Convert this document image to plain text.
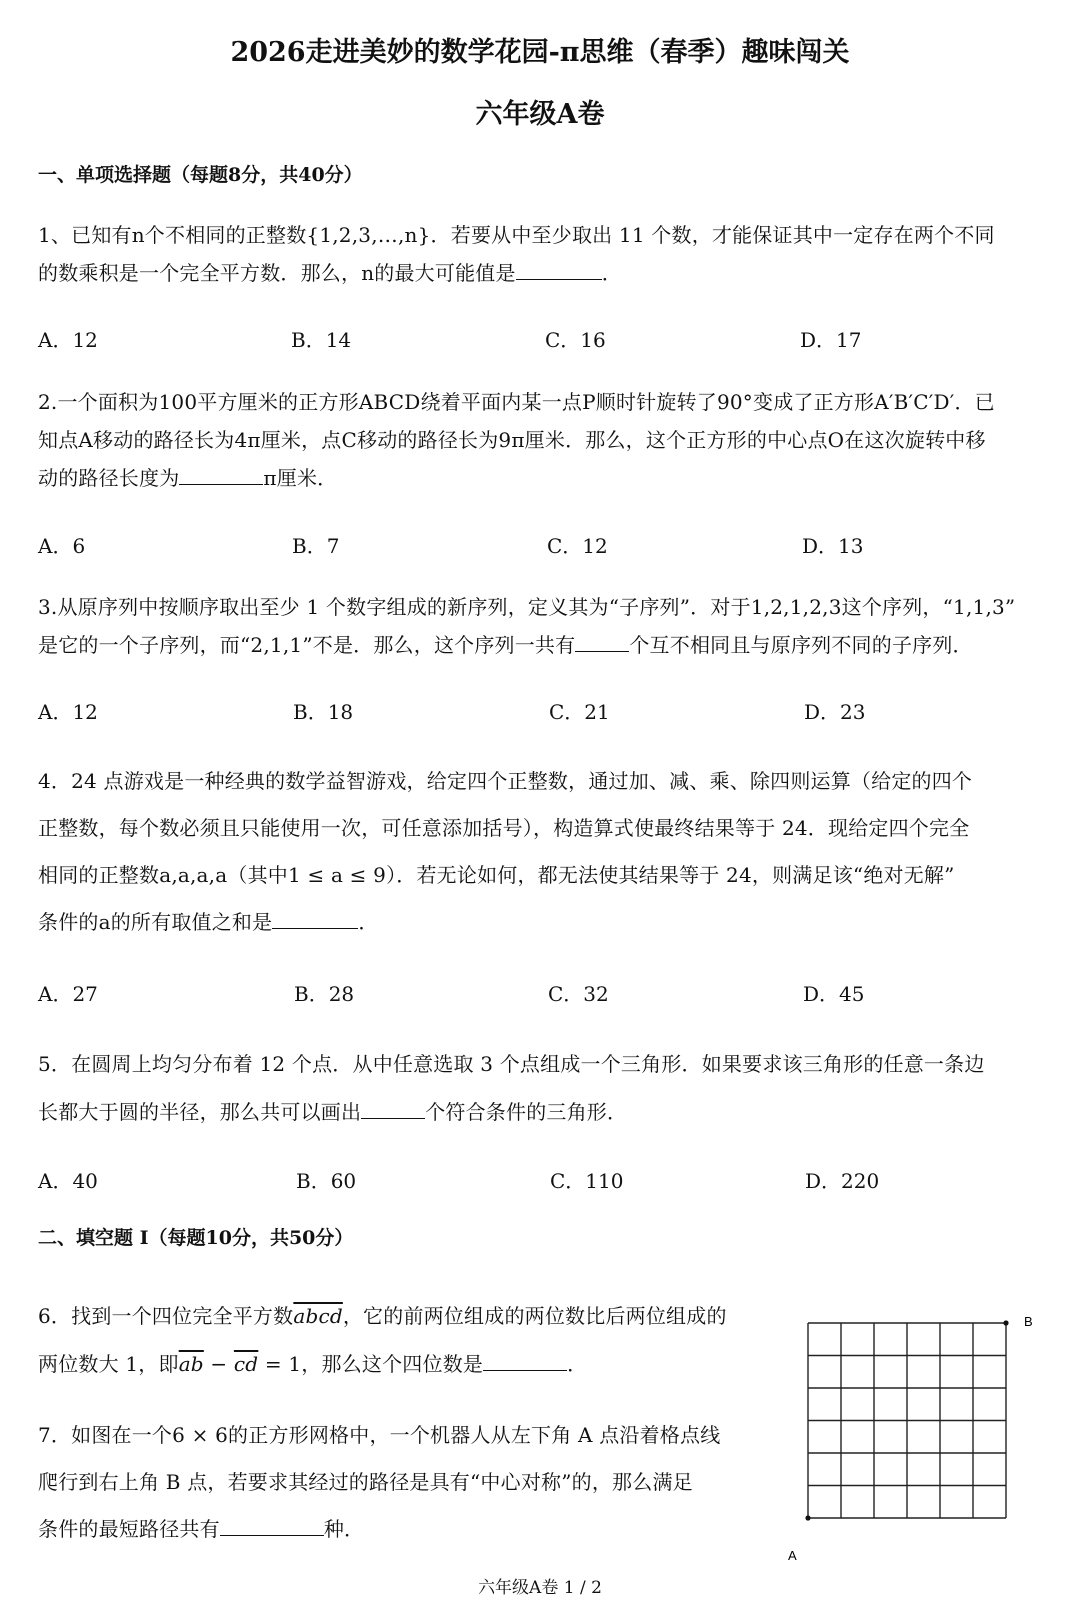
2026走进美妙的数学花园-π思维（春季）趣味闯关
六年级A卷
一、单项选择题（每题8分，共40分）
1、已知有n个不相同的正整数{1,2,3,…,n}．若要从中至少取出 11 个数，才能保证其中一定存在两个不同
的数乘积是一个完全平方数．那么，n的最大可能值是	．
A．12	B．14	C．16	D．17
2.一个面积为100平方厘米的正方形ABCD绕着平面内某一点P顺时针旋转了90°变成了正方形A′B′C′D′．已
知点A移动的路径长为4π厘米，点C移动的路径长为9π厘米．那么，这个正方形的中心点O在这次旋转中移
动的路径长度为	π厘米．
A．6	B．7	C．12	D．13
3.从原序列中按顺序取出至少 1 个数字组成的新序列，定义其为“子序列”．对于1,2,1,2,3这个序列，“1,1,3”
是它的一个子序列，而“2,1,1”不是．那么，这个序列一共有	个互不相同且与原序列不同的子序列．
A．12	B．18	C．21	D．23
4．24 点游戏是一种经典的数学益智游戏，给定四个正整数，通过加、减、乘、除四则运算（给定的四个
正整数，每个数必须且只能使用一次，可任意添加括号），构造算式使最终结果等于 24．现给定四个完全
相同的正整数a,a,a,a（其中1 ≤ a ≤ 9）．若无论如何，都无法使其结果等于 24，则满足该“绝对无解”
条件的a的所有取值之和是	．
A．27	B．28	C．32	D．45
5．在圆周上均匀分布着 12 个点．从中任意选取 3 个点组成一个三角形．如果要求该三角形的任意一条边
长都大于圆的半径，那么共可以画出	个符合条件的三角形．
A．40	B．60	C．110	D．220
二、填空题 I（每题10分，共50分）
6．找到一个四位完全平方数abcd，它的前两位组成的两位数比后两位组成的
两位数大 1，即$\overline{ab} - \overline{cd} = 1$，那么这个四位数是	．
7．如图在一个6 × 6的正方形网格中，一个机器人从左下角 A 点沿着格点线
爬行到右上角 B 点，若要求其经过的路径是具有“中心对称”的，那么满足
条件的最短路径共有	种．
A
B
六年级A卷 1 / 2
